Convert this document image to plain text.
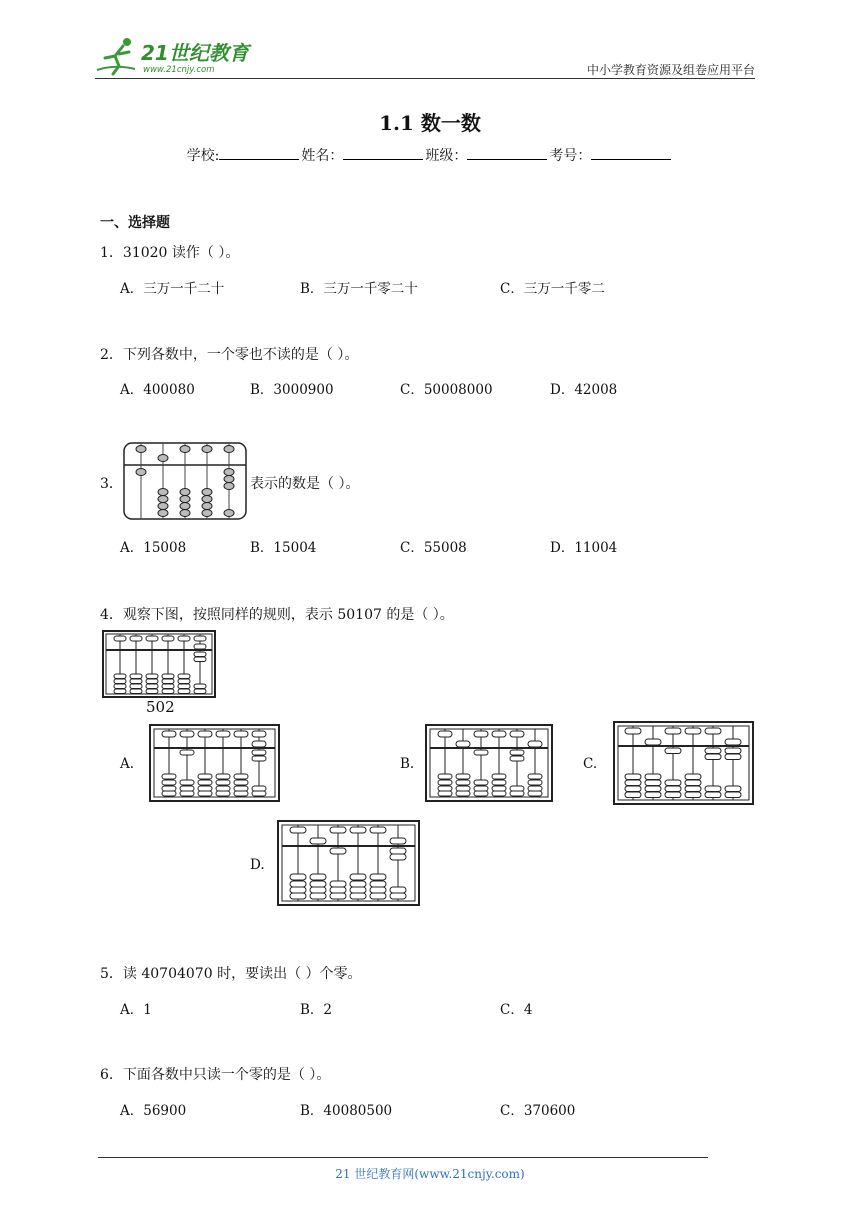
21世纪教育
www.21cnjy.com	中小学教育资源及组卷应用平台
1.1 数一数
学校:	姓名：	班级：	考号：
一、选择题
1．31020 读作（ ）。
A．三万一千二十	B．三万一千零二十	C．三万一千零二
2．下列各数中，一个零也不读的是（ ）。
A．400080	B．3000900	C．50008000	D．42008
3．	表示的数是（ ）。
A．15008	B．15004	C．55008	D．11004
4．观察下图，按照同样的规则，表示 50107 的是（ ）。
502
A.	B.	C.
D.
5．读 40704070 时，要读出（ ）个零。
A．1	B．2	C．4
6．下面各数中只读一个零的是（ ）。
A．56900	B．40080500	C．370600
21 世纪教育网(www.21cnjy.com)
